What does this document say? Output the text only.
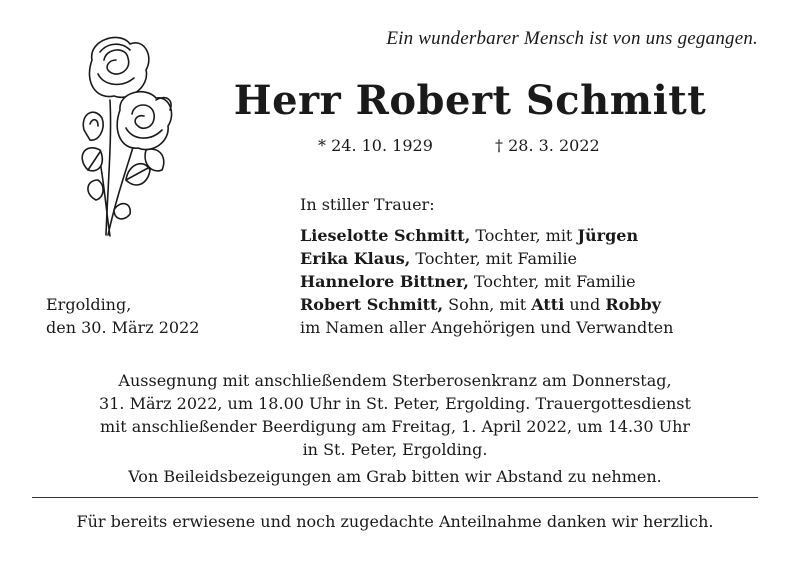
Ein wunderbarer Mensch ist von uns gegangen.
Herr Robert Schmitt
* 24. 10. 1929	† 28. 3. 2022
In stiller Trauer:
Lieselotte Schmitt, Tochter, mit Jürgen
Erika Klaus, Tochter, mit Familie
Hannelore Bittner, Tochter, mit Familie
Robert Schmitt, Sohn, mit Atti und Robby
im Namen aller Angehörigen und Verwandten
Ergolding,
den 30. März 2022
Aussegnung mit anschließendem Sterberosenkranz am Donnerstag,
31. März 2022, um 18.00 Uhr in St. Peter, Ergolding. Trauergottesdienst
mit anschließender Beerdigung am Freitag, 1. April 2022, um 14.30 Uhr
in St. Peter, Ergolding.
Von Beileidsbezeigungen am Grab bitten wir Abstand zu nehmen.
Für bereits erwiesene und noch zugedachte Anteilnahme danken wir herzlich.
